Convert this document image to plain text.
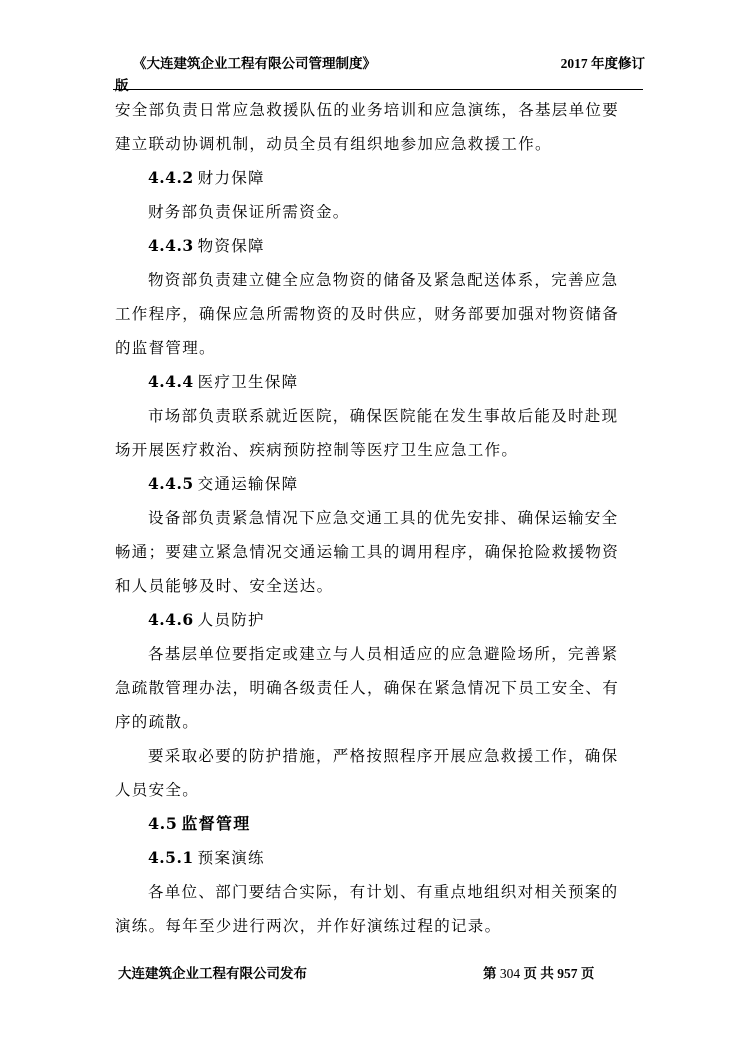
《大连建筑企业工程有限公司管理制度》	2017 年度修订
版
安全部负责日常应急救援队伍的业务培训和应急演练，各基层单位要
建立联动协调机制，动员全员有组织地参加应急救援工作。
4.4.2 财力保障
财务部负责保证所需资金。
4.4.3 物资保障
物资部负责建立健全应急物资的储备及紧急配送体系，完善应急
工作程序，确保应急所需物资的及时供应，财务部要加强对物资储备
的监督管理。
4.4.4 医疗卫生保障
市场部负责联系就近医院，确保医院能在发生事故后能及时赴现
场开展医疗救治、疾病预防控制等医疗卫生应急工作。
4.4.5 交通运输保障
设备部负责紧急情况下应急交通工具的优先安排、确保运输安全
畅通；要建立紧急情况交通运输工具的调用程序，确保抢险救援物资
和人员能够及时、安全送达。
4.4.6 人员防护
各基层单位要指定或建立与人员相适应的应急避险场所，完善紧
急疏散管理办法，明确各级责任人，确保在紧急情况下员工安全、有
序的疏散。
要采取必要的防护措施，严格按照程序开展应急救援工作，确保
人员安全。
4.5 监督管理
4.5.1 预案演练
各单位、部门要结合实际，有计划、有重点地组织对相关预案的
演练。每年至少进行两次，并作好演练过程的记录。
大连建筑企业工程有限公司发布	第 304 页 共 957 页
